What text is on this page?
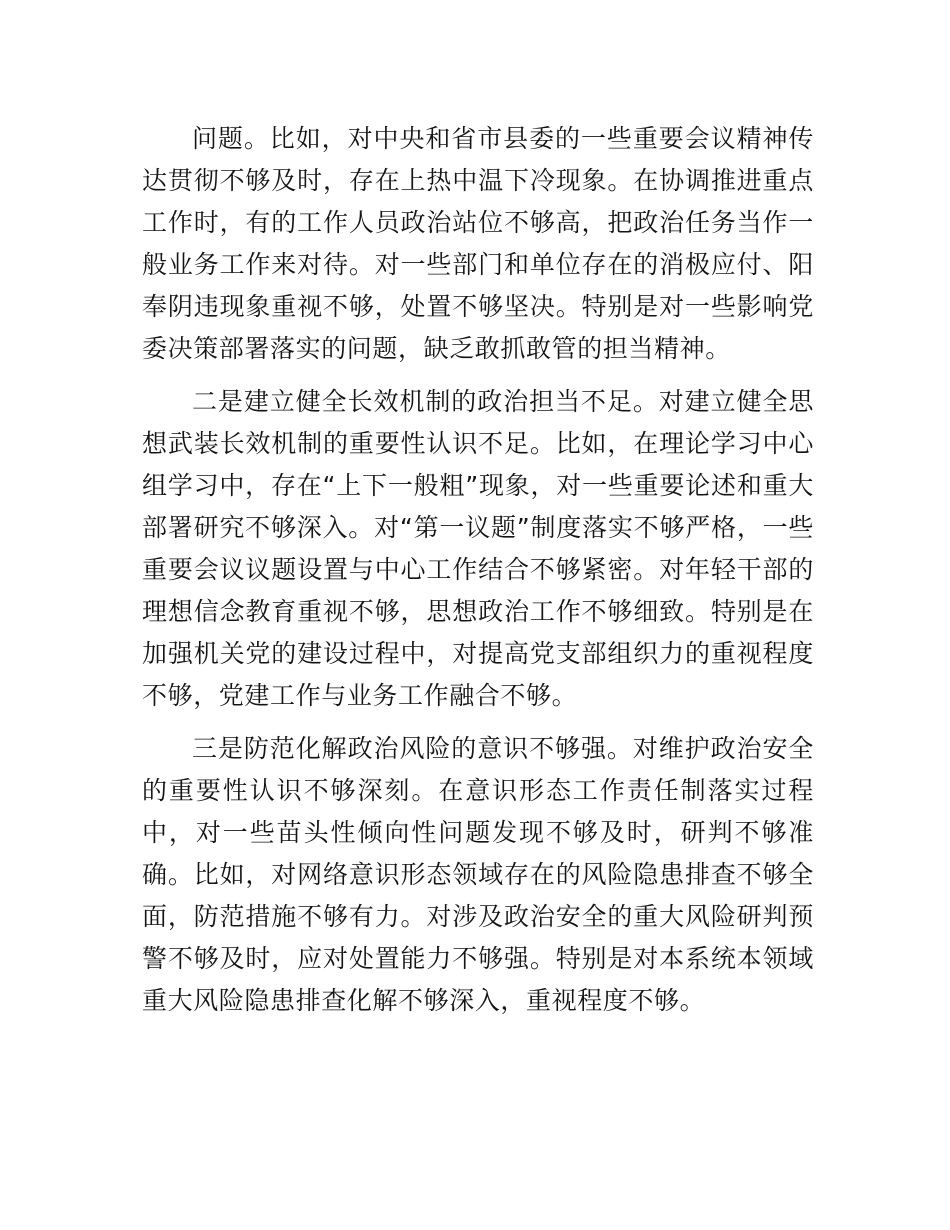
问题。比如，对中央和省市县委的一些重要会议精神传达贯彻不够及时，存在上热中温下冷现象。在协调推进重点工作时，有的工作人员政治站位不够高，把政治任务当作一般业务工作来对待。对一些部门和单位存在的消极应付、阳奉阴违现象重视不够，处置不够坚决。特别是对一些影响党委决策部署落实的问题，缺乏敢抓敢管的担当精神。

二是建立健全长效机制的政治担当不足。对建立健全思想武装长效机制的重要性认识不足。比如，在理论学习中心组学习中，存在“上下一般粗”现象，对一些重要论述和重大部署研究不够深入。对“第一议题”制度落实不够严格，一些重要会议议题设置与中心工作结合不够紧密。对年轻干部的理想信念教育重视不够，思想政治工作不够细致。特别是在加强机关党的建设过程中，对提高党支部组织力的重视程度不够，党建工作与业务工作融合不够。

三是防范化解政治风险的意识不够强。对维护政治安全的重要性认识不够深刻。在意识形态工作责任制落实过程中，对一些苗头性倾向性问题发现不够及时，研判不够准确。比如，对网络意识形态领域存在的风险隐患排查不够全面，防范措施不够有力。对涉及政治安全的重大风险研判预警不够及时，应对处置能力不够强。特别是对本系统本领域重大风险隐患排查化解不够深入，重视程度不够。
